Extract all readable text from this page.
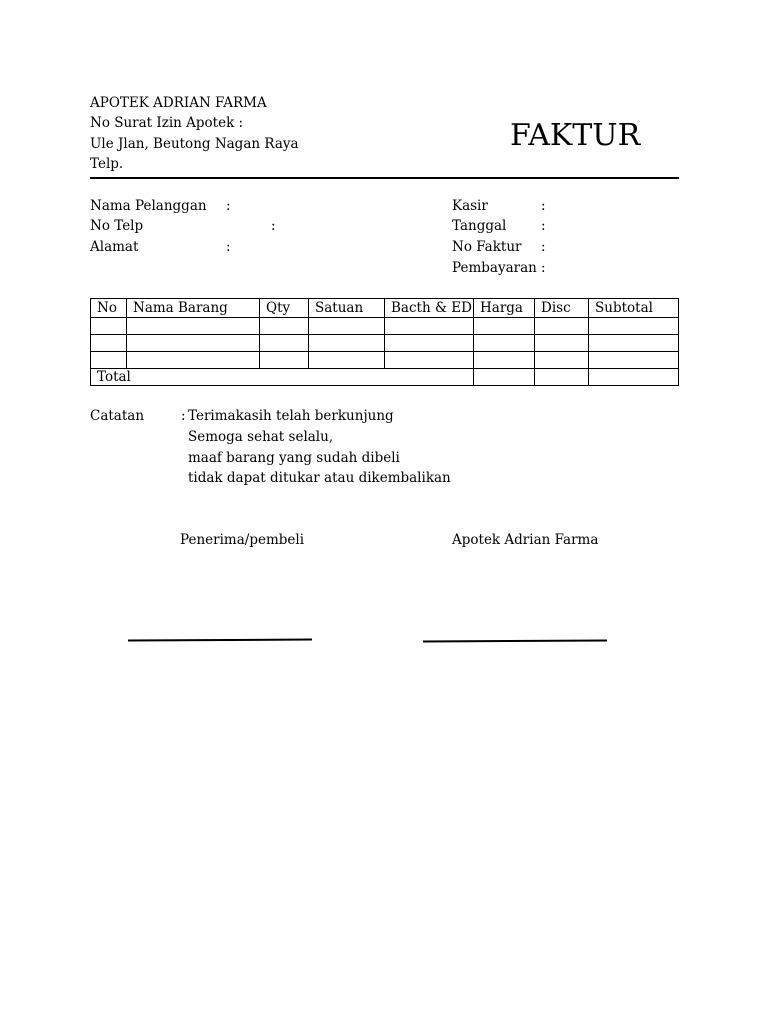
APOTEK ADRIAN FARMA
No Surat Izin Apotek :
Ule Jlan, Beutong Nagan Raya
Telp.
FAKTUR
Nama Pelanggan :
No Telp	:
Alamat	:
Kasir	:
Tanggal	:
No Faktur :
Pembayaran :
No	Nama Barang	Qty	Satuan	Bacth & ED	Harga	Disc	Subtotal

Total							
Catatan	: Terimakasih telah berkunjung
Semoga sehat selalu,
maaf barang yang sudah dibeli
tidak dapat ditukar atau dikembalikan
Penerima/pembeli	Apotek Adrian Farma
